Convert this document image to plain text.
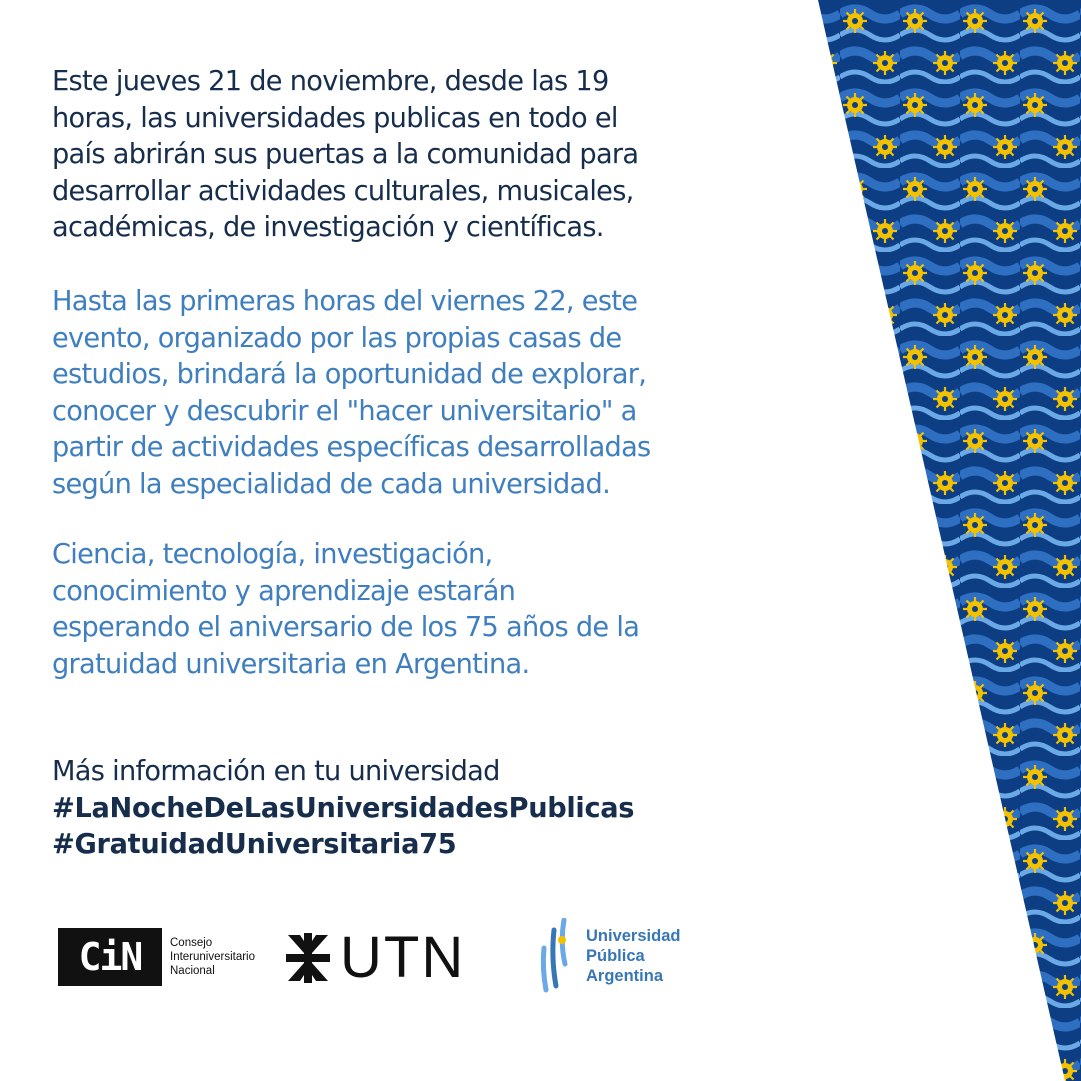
Este jueves 21 de noviembre, desde las 19
horas, las universidades publicas en todo el
país abrirán sus puertas a la comunidad para
desarrollar actividades culturales, musicales,
académicas, de investigación y científicas.

Hasta las primeras horas del viernes 22, este
evento, organizado por las propias casas de
estudios, brindará la oportunidad de explorar,
conocer y descubrir el "hacer universitario" a
partir de actividades específicas desarrolladas
según la especialidad de cada universidad.

Ciencia, tecnología, investigación,
conocimiento y aprendizaje estarán
esperando el aniversario de los 75 años de la
gratuidad universitaria en Argentina.

Más información en tu universidad
#LaNocheDeLasUniversidadesPublicas
#GratuidadUniversitaria75

CiN	Consejo
Interuniversitario
Nacional	UTN	Universidad
Pública
Argentina
